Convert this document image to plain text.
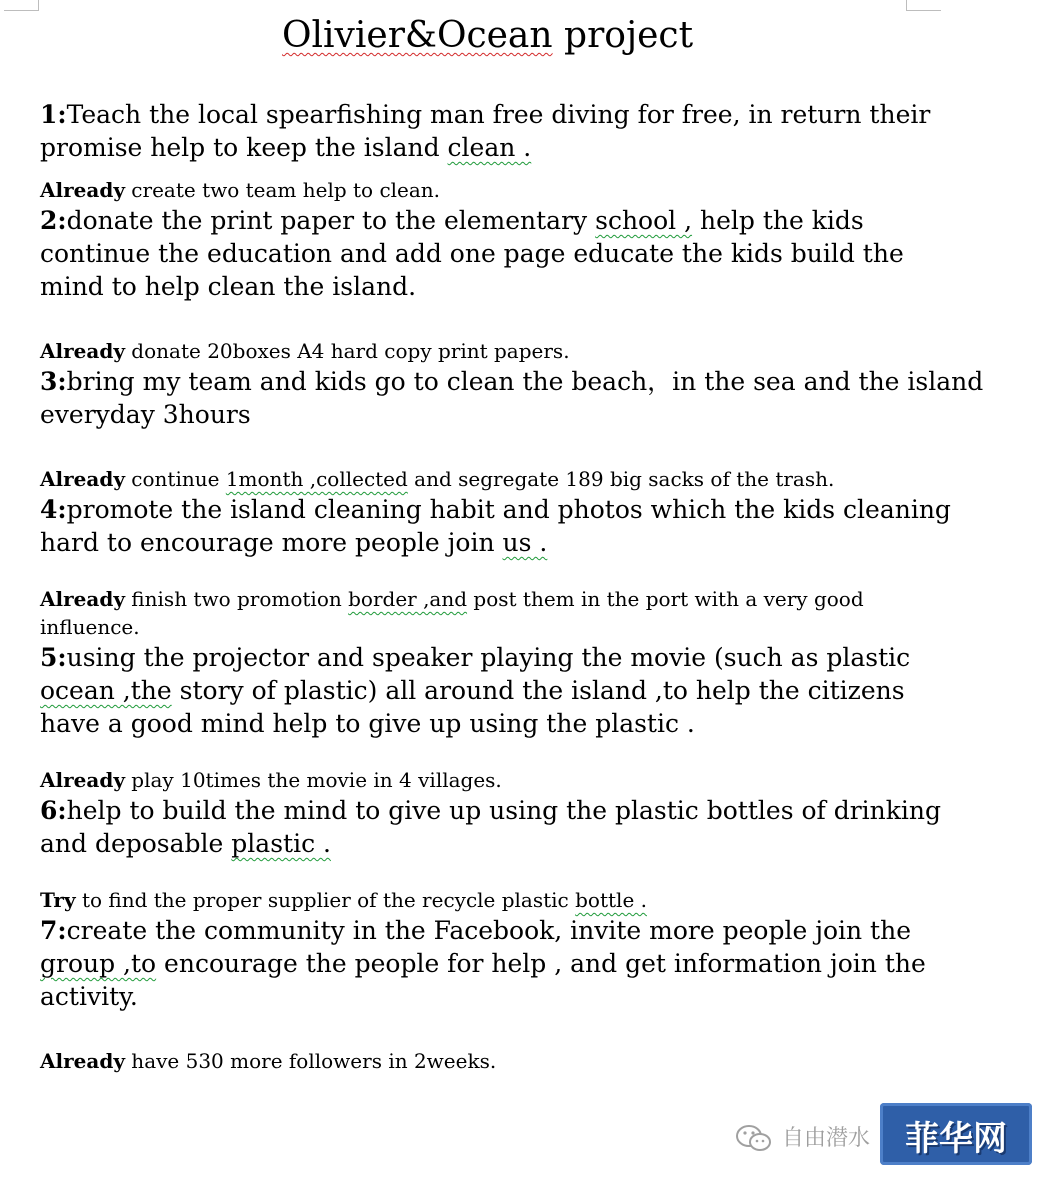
Olivier&Ocean project

1:Teach the local spearfishing man free diving for free, in return their

promise help to keep the island clean .

Already create two team help to clean.

2:donate the print paper to the elementary school , help the kids

continue the education and add one page educate the kids build the

mind to help clean the island.

Already donate 20boxes A4 hard copy print papers.

3:bring my team and kids go to clean the beach，in the sea and the island

everyday 3hours

Already continue 1month ,collected and segregate 189 big sacks of the trash.

4:promote the island cleaning habit and photos which the kids cleaning

hard to encourage more people join us .

Already finish two promotion border ,and post them in the port with a very good

influence.

5:using the projector and speaker playing the movie (such as plastic

ocean ,the story of plastic) all around the island ,to help the citizens

have a good mind help to give up using the plastic .

Already play 10times the movie in 4 villages.

6:help to build the mind to give up using the plastic bottles of drinking

and deposable plastic .

Try to find the proper supplier of the recycle plastic bottle .

7:create the community in the Facebook, invite more people join the

group ,to encourage the people for help , and get information join the

activity.

Already have 530 more followers in 2weeks.

自由潜水	菲华网
